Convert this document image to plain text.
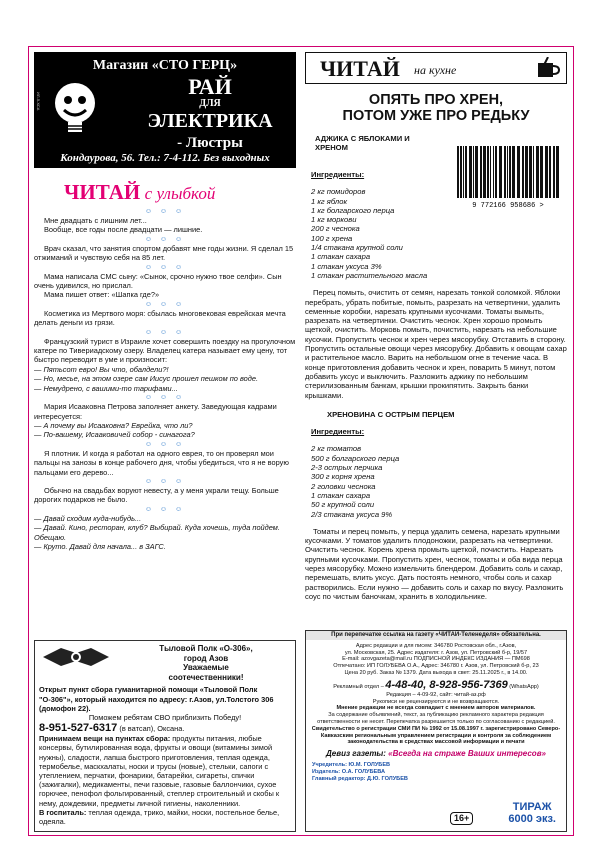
Магазин «СТО ГЕРЦ»
ИЛ-5-ХСА
РАЙ
ДЛЯ
ЭЛЕКТРИКА
- Люстры
Кондаурова, 56. Тел.: 7-4-112. Без выходных
ЧИТАЙ с улыбкой
☺ ☺ ☺

Мне двадцать с лишним лет...

Вообще, все годы после двадцати — лишние.

☺ ☺ ☺

Врач сказал, что занятия спортом добавят мне годы жизни. Я сделал 15 отжиманий и чувствую себя на 85 лет.

☺ ☺ ☺

Мама написала СМС сыну: «Сынок, срочно нужно твое селфи». Сын очень удивился, но прислал.

Мама пишет ответ: «Шапка где?»

☺ ☺ ☺

Косметика из Мертвого моря: сбылась многовековая еврейская мечта делать деньги из грязи.

☺ ☺ ☺

Французский турист в Израиле хочет совершить поездку на прогулочном катере по Тивериадскому озеру. Владелец катера называет ему цену, тот быстро переводит в уме и произносит:

— Пятьсот евро! Вы что, обалдели?!

— Но, месье, на этом озере сам Иисус прошел пешком по воде.

— Немудрено, с вашими-то тарифами...

☺ ☺ ☺

Мария Исааковна Петрова заполняет анкету. Заведующая кадрами интересуется:

— А почему вы Исааковна? Еврейка, что ли?

— По-вашему, Исааковичей собор - синагога?

☺ ☺ ☺

Я плотник. И когда я работал на одного еврея, то он проверял мои пальцы на занозы в конце рабочего дня, чтобы убедиться, что я не ворую пальцами его дерево...

☺ ☺ ☺

Обычно на свадьбах воруют невесту, а у меня украли тещу. Больше дорогих подарков не было.

☺ ☺ ☺

— Давай сходим куда-нибудь...

— Давай. Кино, ресторан, клуб? Выбирай. Куда хочешь, туда пойдем. Обещаю.

— Круто. Давай для начала... в ЗАГС.

Тыловой Полк «О-306»,
город Азов
Уважаемые
соотечественники!

Открыт пункт сбора гуманитарной помощи «Тыловой Полк "О-306"», который находится по адресу: г.Азов, ул.Толстого 306 (домофон 22).

Поможем ребятам СВО приблизить Победу!

8-951-527-6317 (в ватсап), Оксана.

Принимаем вещи на пунктах сбора: продукты питания, любые консервы, бутилированная вода, фрукты и овощи (витамины зимой нужны), сладости, лапша быстрого приготовления, теплая одежда, термобелье, маскхалаты, носки и трусы (новые), стельки, сапоги с утеплением, перчатки, фонарики, батарейки, сигареты, спички (зажигалки), медикаменты, печи газовые, газовые баллончики, сухое горючее, пенофол фольгированный, степлер строительный и скобы к нему, дождевики, предметы личной гигиены, наколенники.

В госпиталь: теплая одежда, трико, майки, носки, постельное белье, одеяла.

ЧИТАЙ на кухне
ОПЯТЬ ПРО ХРЕН,
ПОТОМ УЖЕ ПРО РЕДЬКУ
АДЖИКА С ЯБЛОКАМИ И ХРЕНОМ
9 772166 958686 >
Ингредиенты:
2 кг помидоров
1 кг яблок
1 кг болгарского перца
1 кг моркови
200 г чеснока
100 г хрена
1/4 стакана крупной соли
1 стакан сахара
1 стакан уксуса 3%
1 стакан растительного масла

Перец помыть, очистить от семян, нарезать тонкой соломкой. Яблоки перебрать, убрать побитые, помыть, разрезать на четвертинки, удалить семенные коробки, нарезать крупными кусочками. Томаты вымыть, разрезать на четвертинки. Очистить чеснок. Хрен хорошо промыть щеткой, очистить. Морковь помыть, почистить, нарезать на небольшие кусочки. Пропустить чеснок и хрен через мясорубку. Отставить в сторону. Пропустить остальные овощи через мясорубку. Добавить к овощам сахар и растительное масло. Варить на небольшом огне в течение часа. В конце приготовления добавить чеснок и хрен, поварить 5 минут, потом добавить уксус и выключить. Разложить аджику по небольшим стерилизованным банкам, крышки прокипятить. Закрыть банки крышками.

ХРЕНОВИНА С ОСТРЫМ ПЕРЦЕМ
Ингредиенты:
2 кг томатов
500 г болгарского перца
2-3 острых перчика
300 г корня хрена
2 головки чеснока
1 стакан сахара
50 г крупной соли
2/3 стакана уксуса 9%

Томаты и перец помыть, у перца удалить семена, нарезать крупными кусочками. У томатов удалить плодоножки, разрезать на четвертинки. Очистить чеснок. Корень хрена промыть щеткой, почистить. Нарезать крупными кусочками. Пропустить хрен, чеснок, томаты и оба вида перца через мясорубку. Можно измельчить блендером. Добавить соль и сахар, перемешать, влить уксус. Дать постоять немного, чтобы соль и сахар растворились. Если нужно — добавить соль и сахар по вкусу. Разложить соус по чистым баночкам, хранить в холодильнике.

При перепечатке ссылка на газету «ЧИТАЙ-Теленеделя» обязательна.

Адрес редакции и для писем: 346780 Ростовская обл., г.Азов,

ул. Московская, 25. Адрес издателя: г. Азов, ул. Петровский б-р, 19/57

E-mail: azovgazeta@mail.ru ПОДПИСНОЙ ИНДЕКС ИЗДАНИЯ — ПМ698

Отпечатано: ИП ГОЛУБЕВА О.А., Адрес: 346780 г. Азов, ул. Петровский б-р, 23

Цена 20 руб. Заказ № 1379. Дата выхода в свет: 25.11.2025 г., в 14.00.

Рекламный отдел – 4-48-40, 8-928-956-7369 (WhatsApp)

Редакция – 4-09-92, сайт: читай-аз.рф

Рукописи не рецензируются и не возвращаются.

Мнение редакции не всегда совпадает с мнением авторов материалов.

За содержание объявлений, текст, за публикацию рекламного характера редакция ответственности не несет. Перепечатка разрешается только по согласованию с редакцией.

Свидетельство о регистрации СМИ ПИ № 1992 от 15.08.1997 г. зарегистрировано Северо-Кавказским региональным управлением регистрации и контроля за соблюдением законодательства в средствах массовой информации и печати

Девиз газеты: «Всегда на страже Ваших интересов»

Учредитель: Ю.М. ГОЛУБЕВ
Издатель: О.А. ГОЛУБЕВА
Главный редактор: Д.Ю. ГОЛУБЕВ
16+
ТИРАЖ
6000 экз.
